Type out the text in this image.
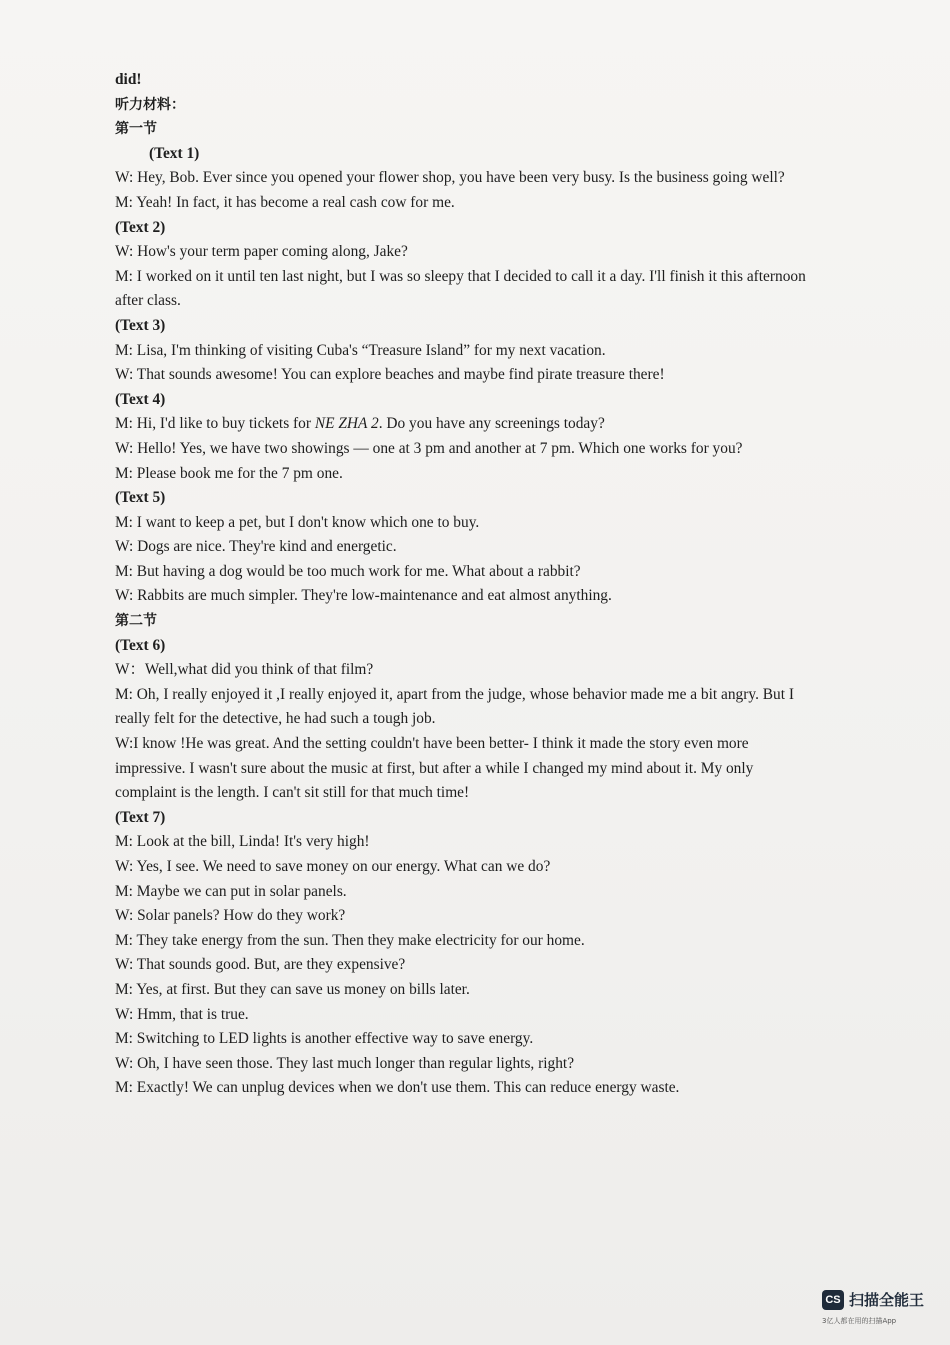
did!
听力材料：
第一节
(Text 1)
W: Hey, Bob. Ever since you opened your flower shop, you have been very busy. Is the business going well?
M: Yeah! In fact, it has become a real cash cow for me.
(Text 2)
W: How's your term paper coming along, Jake?
M: I worked on it until ten last night, but I was so sleepy that I decided to call it a day. I'll finish it this afternoon after class.
(Text 3)
M: Lisa, I'm thinking of visiting Cuba's “Treasure Island” for my next vacation.
W: That sounds awesome! You can explore beaches and maybe find pirate treasure there!
(Text 4)
M: Hi, I'd like to buy tickets for NE ZHA 2. Do you have any screenings today?
W: Hello! Yes, we have two showings — one at 3 pm and another at 7 pm. Which one works for you?
M: Please book me for the 7 pm one.
(Text 5)
M: I want to keep a pet, but I don't know which one to buy.
W: Dogs are nice. They're kind and energetic.
M: But having a dog would be too much work for me. What about a rabbit?
W: Rabbits are much simpler. They're low-maintenance and eat almost anything.
第二节
(Text 6)
W：Well,what did you think of that film?
M: Oh, I really enjoyed it ,I really enjoyed it, apart from the judge, whose behavior made me a bit angry. But I really felt for the detective, he had such a tough job.
W:I know !He was great. And the setting couldn't have been better- I think it made the story even more impressive. I wasn't sure about the music at first, but after a while I changed my mind about it. My only complaint is the length. I can't sit still for that much time!
(Text 7)
M: Look at the bill, Linda! It's very high!
W: Yes, I see. We need to save money on our energy. What can we do?
M: Maybe we can put in solar panels.
W: Solar panels? How do they work?
M: They take energy from the sun. Then they make electricity for our home.
W: That sounds good. But, are they expensive?
M: Yes, at first. But they can save us money on bills later.
W: Hmm, that is true.
M: Switching to LED lights is another effective way to save energy.
W: Oh, I have seen those. They last much longer than regular lights, right?
M: Exactly! We can unplug devices when we don't use them. This can reduce energy waste.
CS 扫描全能王
3亿人都在用的扫描App
